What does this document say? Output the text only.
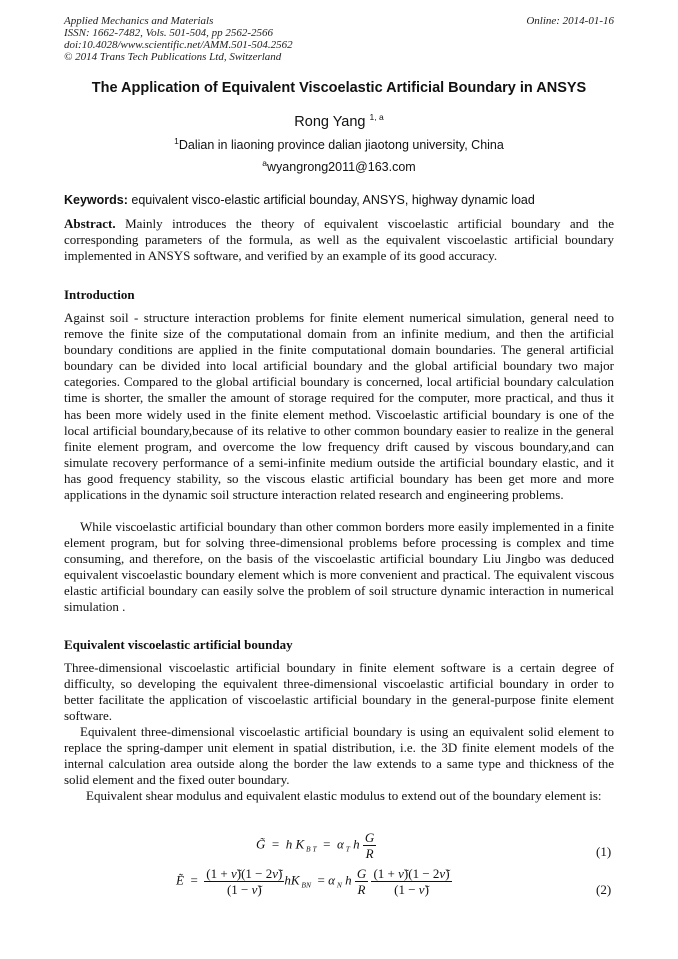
Applied Mechanics and Materials
ISSN: 1662-7482, Vols. 501-504, pp 2562-2566
doi:10.4028/www.scientific.net/AMM.501-504.2562
© 2014 Trans Tech Publications Ltd, Switzerland
Online: 2014-01-16
The Application of Equivalent Viscoelastic Artificial Boundary in ANSYS
Rong Yang $^{1, a}$
$^1$Dalian in liaoning province dalian jiaotong university, China
$^a$wyangrong2011@163.com
Keywords: equivalent visco-elastic artificial bounday, ANSYS, highway dynamic load
Abstract. Mainly introduces the theory of equivalent viscoelastic artificial boundary and the corresponding parameters of the formula, as well as the equivalent viscoelastic artificial boundary implemented in ANSYS software, and verified by an example of its good accuracy.
Introduction
Against soil - structure interaction problems for finite element numerical simulation, general need to remove the finite size of the computational domain from an infinite medium, and then the artificial boundary conditions are applied in the finite computational domain boundaries. The general artificial boundary can be divided into local artificial boundary and the global artificial boundary two major categories. Compared to the global artificial boundary is concerned, local artificial boundary calculation time is shorter, the smaller the amount of storage required for the computer, more practical, and thus it has been more widely used in the finite element method. Viscoelastic artificial boundary is one of the local artificial boundary,because of its relative to other common boundary easier to realize in the general finite element program, and overcome the low frequency drift caused by viscous boundary,and can simulate recovery performance of a semi-infinite medium outside the artificial boundary elastic, and it has good frequency stability, so the viscous elastic artificial boundary has been get more and more applications in the dynamic soil structure interaction related research and engineering problems.
While viscoelastic artificial boundary than other common borders more easily implemented in a finite element program, but for solving three-dimensional problems before processing is complex and time consuming, and therefore, on the basis of the viscoelastic artificial boundary Liu Jingbo was deduced equivalent viscoelastic boundary element which is more convenient and practical. The equivalent viscous elastic artificial boundary can easily solve the problem of soil structure dynamic interaction in numerical simulation .
Equivalent viscoelastic artificial bounday
Three-dimensional viscoelastic artificial boundary in finite element software is a certain degree of difficulty, so developing the equivalent three-dimensional viscoelastic artificial boundary in order to better facilitate the application of viscoelastic artificial boundary in the general-purpose finite element software.
Equivalent three-dimensional viscoelastic artificial boundary is using an equivalent solid element to replace the spring-damper unit element in spatial distribution, i.e. the 3D finite element models of the internal calculation area outside along the border the law extends to a same type and thickness of the solid element and the fixed outer boundary.
Equivalent shear modulus and equivalent elastic modulus to extend out of the boundary element is:
G̃  =  h K $_{B T}$  =  α $_T$ h $\frac{G}{R}$	(1)
Ẽ  = $\frac{(1 + \nũ)(1 - 2\nũ)}{(1 - \nũ)}$ hK $_{BN}$  = α $_N$ h $\frac{G}{R}$
$\frac{(1 + \nũ)(1 - 2\nũ)}{(1 - \nũ)}$	(2)
